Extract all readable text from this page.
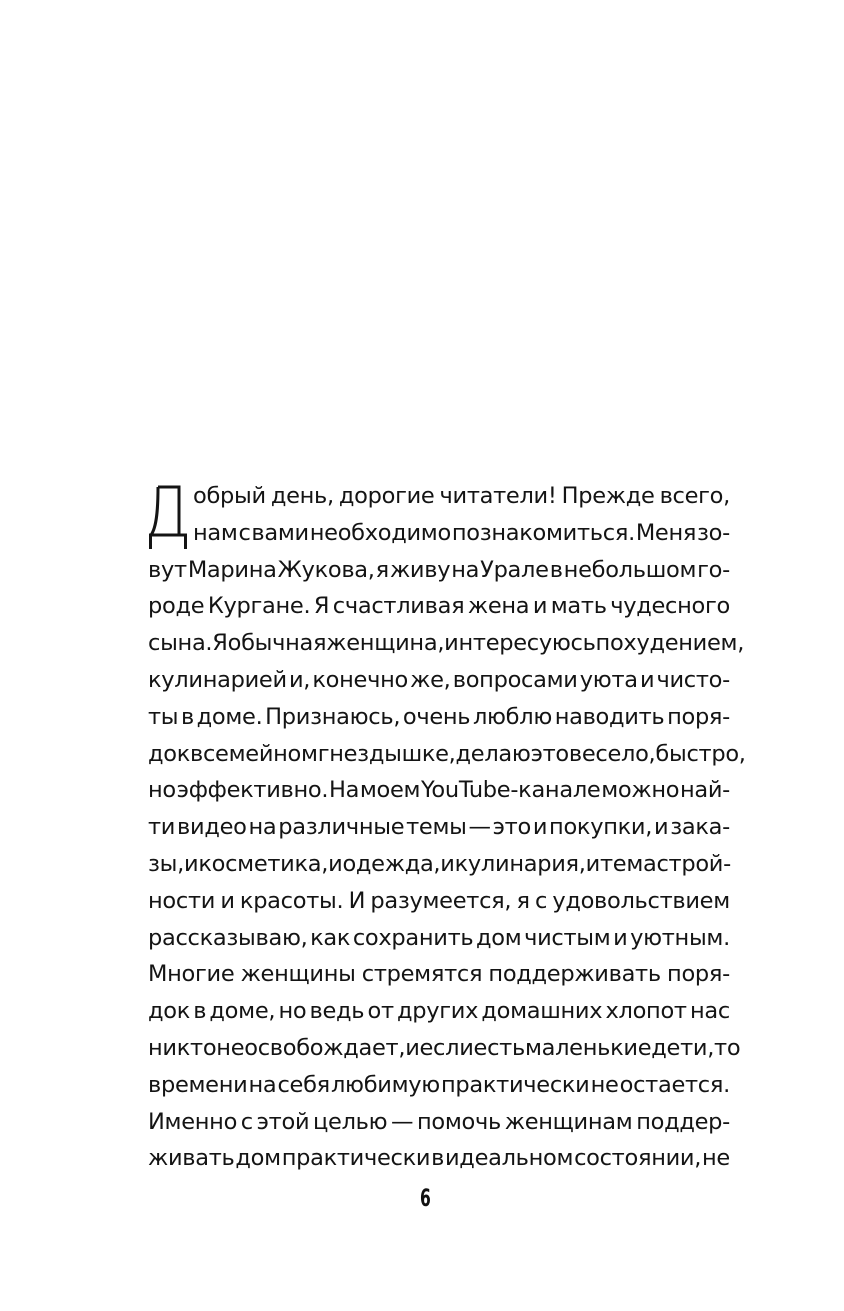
обрый день, дорогие читатели! Прежде всего,
нам с вами необходимо познакомиться. Меня зо-
вут Марина Жукова, я живу на Урале в небольшом го-
роде Кургане. Я счастливая жена и мать чудесного
сына. Я обычная женщина, интересуюсь похудением,
кулинарией и, конечно же, вопросами уюта и чисто-
ты в доме. Признаюсь, очень люблю наводить поря-
док в семейном гнездышке, делаю это весело, быстро,
но эффективно. На моем YouTube-канале можно най-
ти видео на различные темы — это и покупки, и зака-
зы, и косметика, и одежда, и кулинария, и тема строй-
ности и красоты. И разумеется, я с удовольствием
рассказываю, как сохранить дом чистым и уютным.
Многие женщины стремятся поддерживать поря-
док в доме, но ведь от других домашних хлопот нас
никто не освобождает, и если есть маленькие дети, то
времени на себя любимую практически не остается.
Именно с этой целью — помочь женщинам поддер-
живать дом практически в идеальном состоянии, не
6
